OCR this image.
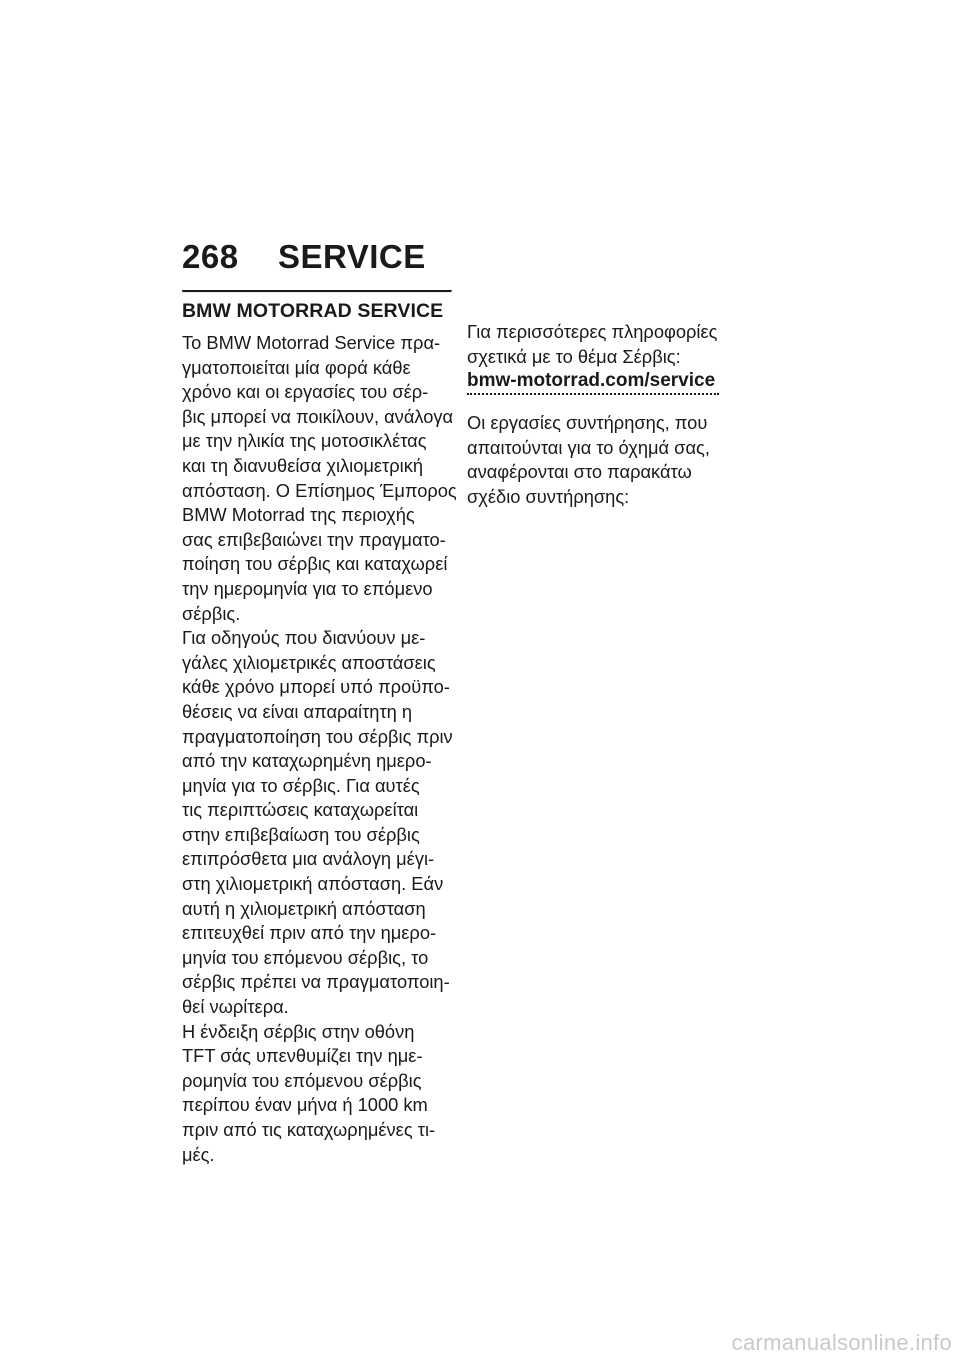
268	SERVICE
BMW MOTORRAD SERVICE

Το BMW Motorrad Service πρα-
γματοποιείται μία φορά κάθε
χρόνο και οι εργασίες του σέρ-
βις μπορεί να ποικίλουν, ανάλογα
με την ηλικία της μοτοσικλέτας
και τη διανυθείσα χιλιομετρική
απόσταση. Ο Επίσημος Έμπορος
BMW Motorrad της περιοχής
σας επιβεβαιώνει την πραγματο-
ποίηση του σέρβις και καταχωρεί
την ημερομηνία για το επόμενο
σέρβις.

Για οδηγούς που διανύουν με-
γάλες χιλιομετρικές αποστάσεις
κάθε χρόνο μπορεί υπό προϋπο-
θέσεις να είναι απαραίτητη η
πραγματοποίηση του σέρβις πριν
από την καταχωρημένη ημερο-
μηνία για το σέρβις. Για αυτές
τις περιπτώσεις καταχωρείται
στην επιβεβαίωση του σέρβις
επιπρόσθετα μια ανάλογη μέγι-
στη χιλιομετρική απόσταση. Εάν
αυτή η χιλιομετρική απόσταση
επιτευχθεί πριν από την ημερο-
μηνία του επόμενου σέρβις, το
σέρβις πρέπει να πραγματοποιη-
θεί νωρίτερα.

Η ένδειξη σέρβις στην οθόνη
TFT σάς υπενθυμίζει την ημε-
ρομηνία του επόμενου σέρβις
περίπου έναν μήνα ή 1000 km
πριν από τις καταχωρημένες τι-
μές.

Για περισσότερες πληροφορίες
σχετικά με το θέμα Σέρβις:

bmw-motorrad.com/service

Οι εργασίες συντήρησης, που
απαιτούνται για το όχημά σας,
αναφέρονται στο παρακάτω
σχέδιο συντήρησης:

carmanualsonline.info
